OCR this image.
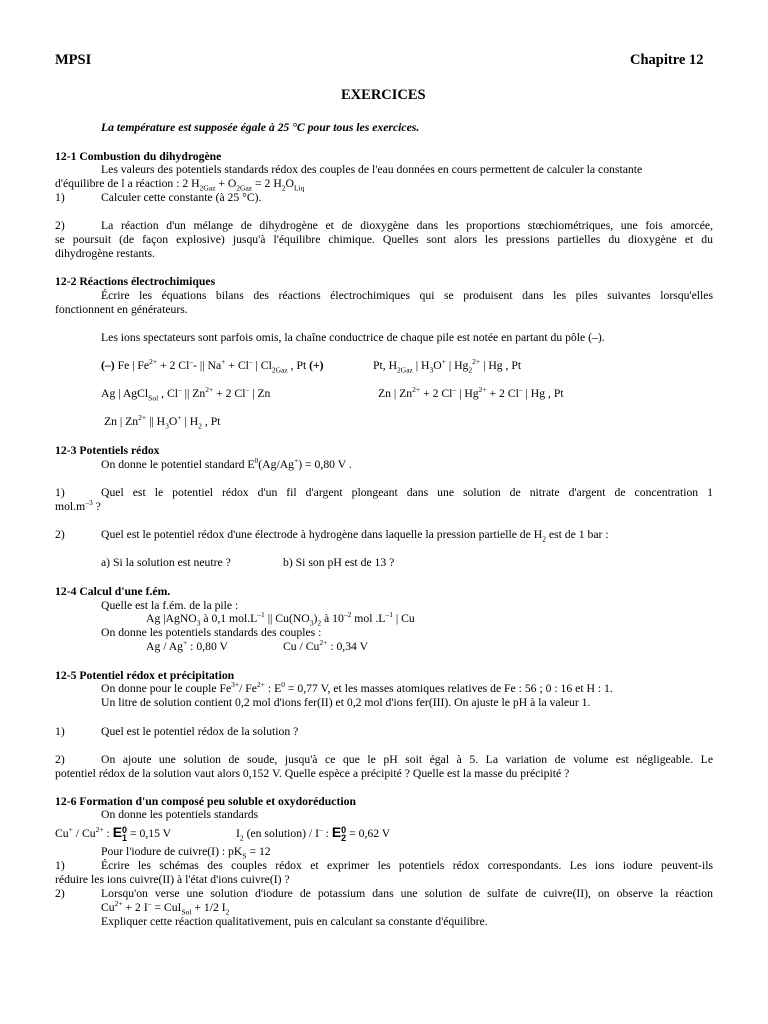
MPSI	Chapitre 12
EXERCICES
La température est supposée égale à 25 °C pour tous les exercices.
12-1 Combustion du dihydrogène
Les valeurs des potentiels standards rédox des couples de l'eau données en cours permettent de calculer la constante
d'équilibre de l a réaction : 2 $H_{2Gaz} + O_{2Gaz} = 2$ $H_2O_{Liq}$
1)	Calculer cette constante (à 25 °C).
2)	La réaction d'un mélange de dihydrogène et de dioxygène dans les proportions stœchiométriques, une fois amorcée,
se poursuit (de façon explosive) jusqu'à l'équilibre chimique. Quelles sont alors les pressions partielles du dioxygène et du
dihydrogène restants.
12-2 Réactions électrochimiques
Écrire les équations bilans des réactions électrochimiques qui se produisent dans les piles suivantes lorsqu'elles
fonctionnent en générateurs.
Les ions spectateurs sont parfois omis, la chaîne conductrice de chaque pile est notée en partant du pôle (–).
(–) Fe | $Fe^{2+} + 2$ Cl–- || Na+ + Cl– | $Cl_{2Gaz}$ , Pt (+)	Pt, $H_{2Gaz}$ | $H_3O^+$ | $Hg_2^{2+}$ | Hg , Pt
Ag | AgCl$_{Sol}$ , Cl– || $Zn^{2+} + 2$ Cl– | Zn	Zn | $Zn^{2+} + 2$ Cl– | $Hg^{2+} + 2$ Cl– | Hg , Pt
Zn | $Zn^{2+}$ || $H_3O^+$ | $H_2$ , Pt
12-3 Potentiels rédox
On donne le potentiel standard $E^0(Ag/Ag^+) = 0,80$ V .
1)	Quel est le potentiel rédox d'un fil d'argent plongeant dans une solution de nitrate d'argent de concentration 1
$mol.m^{-3}$ ?
2)	Quel est le potentiel rédox d'une électrode à hydrogène dans laquelle la pression partielle de $H_2$ est de 1 bar :
a) Si la solution est neutre ?	b) Si son pH est de 13 ?
12-4 Calcul d'une f.ém.
Quelle est la f.ém. de la pile :
Ag |AgNO$_3$ à 0,1 $mol.L^{-1}$ || $Cu(NO_3)_2$ à $10^{-2}$ mol $.L^{-1}$ | Cu
On donne les potentiels standards des couples :
Ag / Ag+ : 0,80 V	Cu / $Cu^{2+}$ : 0,34 V
12-5 Potentiel rédox et précipitation
On donne pour le couple $Fe^{3+}/$ $Fe^{2+}$ : $E^0 = 0,77$ V, et les masses atomiques relatives de Fe : 56 ; 0 : 16 et H : 1.
Un litre de solution contient 0,2 mol d'ions fer(II) et 0,2 mol d'ions fer(III). On ajuste le pH à la valeur 1.
1)	Quel est le potentiel rédox de la solution ?
2)	On ajoute une solution de soude, jusqu'à ce que le pH soit égal à 5. La variation de volume est négligeable. Le
potentiel rédox de la solution vaut alors 0,152 V. Quelle espèce a précipité ? Quelle est la masse du précipité ?
12-6 Formation d'un composé peu soluble et oxydoréduction
On donne les potentiels standards
$Cu^+ / Cu^{2+}$ : E 0
1 = 0,15 V	$I_2$ (en solution) / I– : E 0
2 = 0,62 V
Pour l'iodure de cuivre(I) : $pK_S = 12$
1)	Écrire les schémas des couples rédox et exprimer les potentiels rédox correspondants. Les ions iodure peuvent-ils
réduire les ions cuivre(II) à l'état d'ions cuivre(I) ?
2)	Lorsqu'on verse une solution d'iodure de potassium dans une solution de sulfate de cuivre(II), on observe la réaction
$Cu^{2+} + 2$ I– = CuI$_{Sol}$ + 1/2 $I_2$
Expliquer cette réaction qualitativement, puis en calculant sa constante d'équilibre.
